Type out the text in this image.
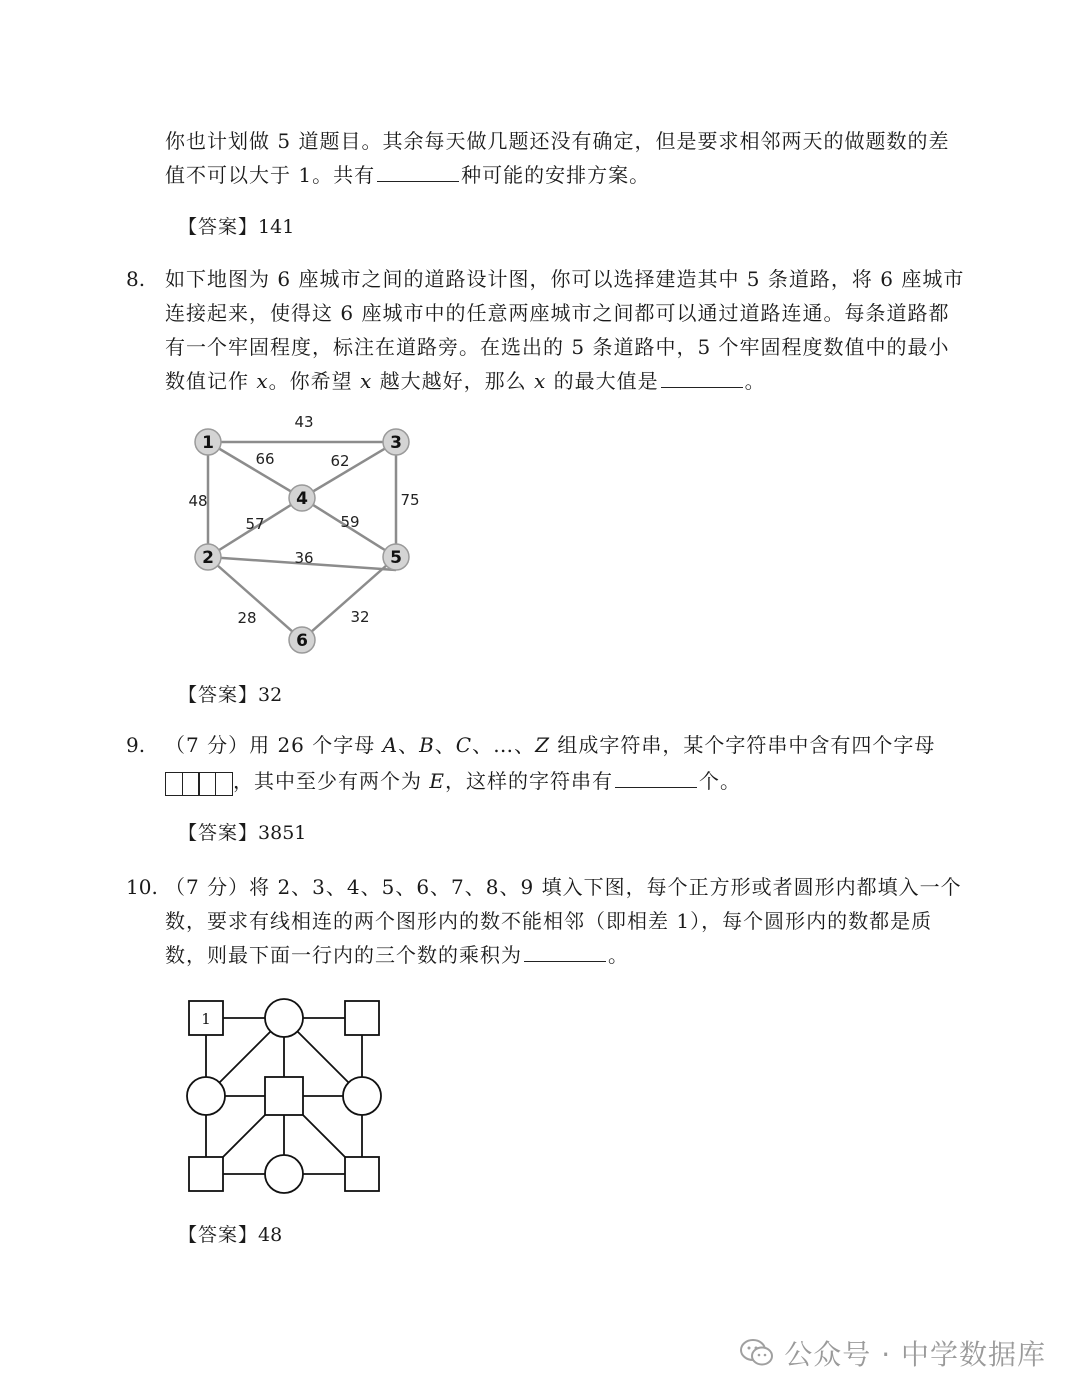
你也计划做 5 道题目。其余每天做几题还没有确定，但是要求相邻两天的做题数的差
值不可以大于 1。共有	种可能的安排方案。
【答案】141
8. 如下地图为 6 座城市之间的道路设计图，你可以选择建造其中 5 条道路，将 6 座城市
连接起来，使得这 6 座城市中的任意两座城市之间都可以通过道路连通。每条道路都
有一个牢固程度，标注在道路旁。在选出的 5 条道路中，5 个牢固程度数值中的最小
数值记作 x。你希望 x 越大越好，那么 x 的最大值是	。
43
66	62
48	75
57	59
36
28	32
1	3
4
2	5
6
【答案】32
9. （7 分）用 26 个字母 A、B、C、…、Z 组成字符串，某个字符串中含有四个字母
，其中至少有两个为 E，这样的字符串有	个。
【答案】3851
10. （7 分）将 2、3、4、5、6、7、8、9 填入下图，每个正方形或者圆形内都填入一个
数，要求有线相连的两个图形内的数不能相邻（即相差 1），每个圆形内的数都是质
数，则最下面一行内的三个数的乘积为	。
1
【答案】48
公众号 · 中学数据库
